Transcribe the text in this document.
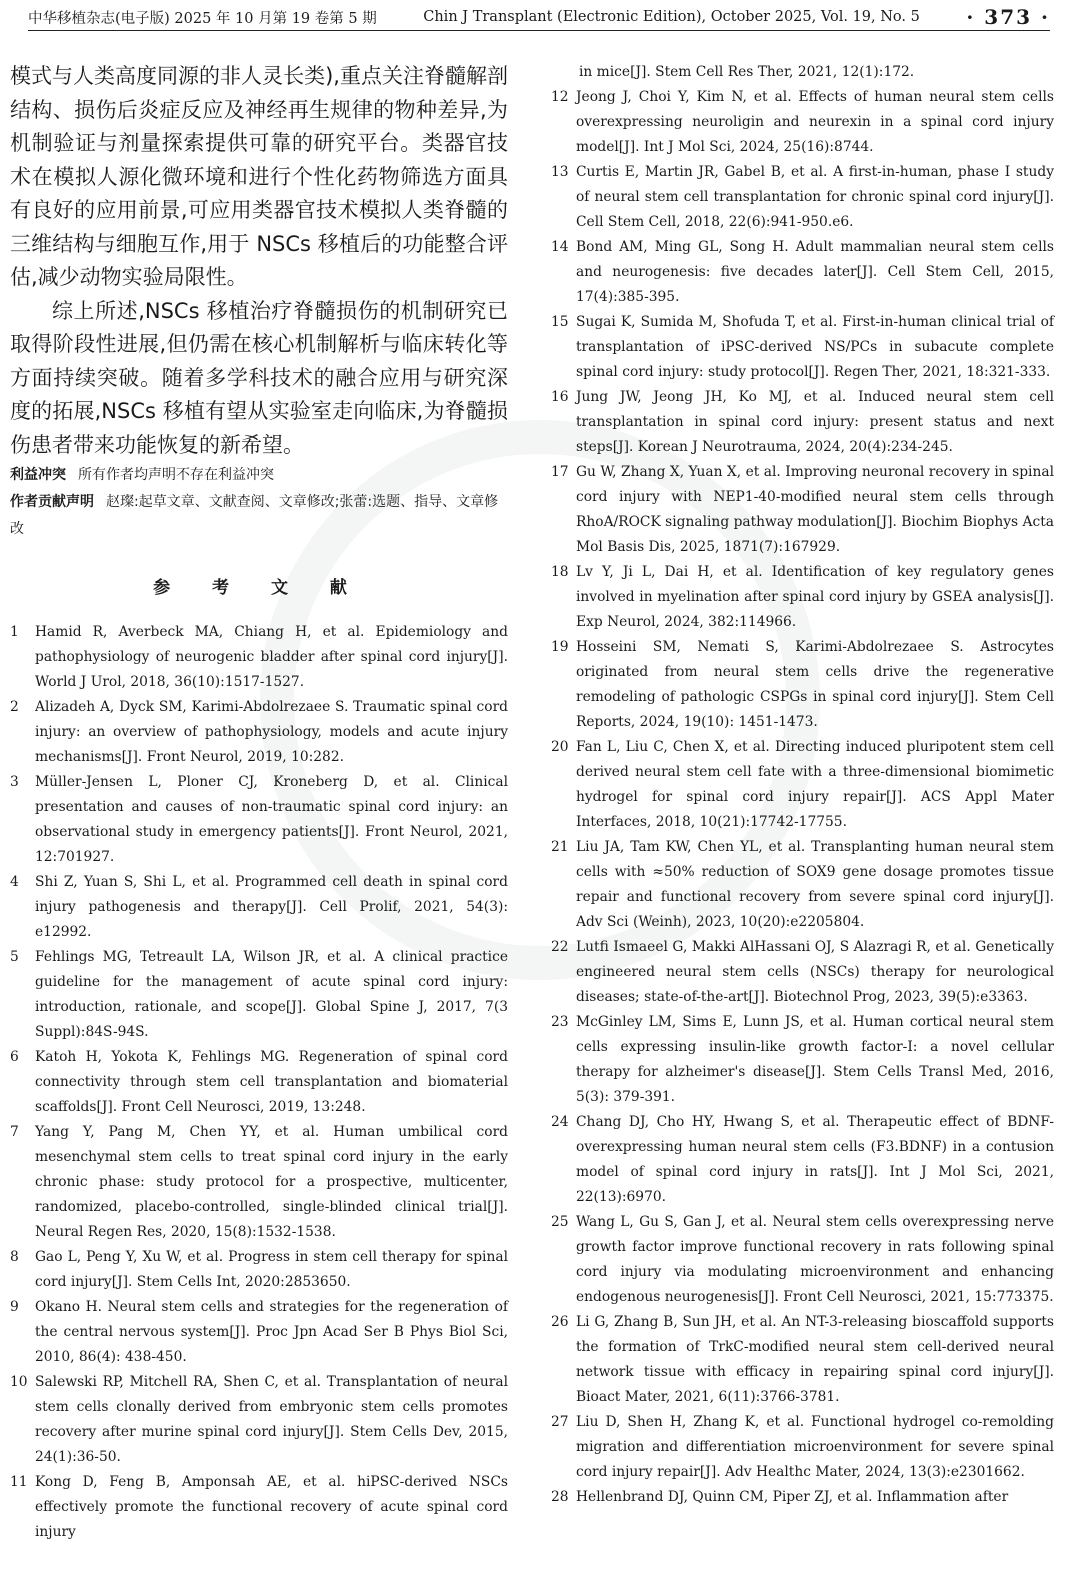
中华移植杂志(电子版) 2025 年 10 月第 19 卷第 5 期	Chin J Transplant (Electronic Edition), October 2025, Vol. 19, No. 5 · 373 ·

模式与人类高度同源的非人灵长类),重点关注脊髓解剖结构、损伤后炎症反应及神经再生规律的物种差异,为机制验证与剂量探索提供可靠的研究平台。类器官技术在模拟人源化微环境和进行个性化药物筛选方面具有良好的应用前景,可应用类器官技术模拟人类脊髓的三维结构与细胞互作,用于 NSCs 移植后的功能整合评估,减少动物实验局限性。

综上所述,NSCs 移植治疗脊髓损伤的机制研究已取得阶段性进展,但仍需在核心机制解析与临床转化等方面持续突破。随着多学科技术的融合应用与研究深度的拓展,NSCs 移植有望从实验室走向临床,为脊髓损伤患者带来功能恢复的新希望。

利益冲突 所有作者均声明不存在利益冲突

作者贡献声明 赵璨:起草文章、文献查阅、文章修改;张蕾:选题、指导、文章修改

参 考 文 献
1	Hamid R, Averbeck MA, Chiang H, et al. Epidemiology and pathophysiology of neurogenic bladder after spinal cord injury[J]. World J Urol, 2018, 36(10):1517-1527.
2	Alizadeh A, Dyck SM, Karimi-Abdolrezaee S. Traumatic spinal cord injury: an overview of pathophysiology, models and acute injury mechanisms[J]. Front Neurol, 2019, 10:282.
3	Müller-Jensen L, Ploner CJ, Kroneberg D, et al. Clinical presentation and causes of non-traumatic spinal cord injury: an observational study in emergency patients[J]. Front Neurol, 2021, 12:701927.
4	Shi Z, Yuan S, Shi L, et al. Programmed cell death in spinal cord injury pathogenesis and therapy[J]. Cell Prolif, 2021, 54(3): e12992.
5	Fehlings MG, Tetreault LA, Wilson JR, et al. A clinical practice guideline for the management of acute spinal cord injury: introduction, rationale, and scope[J]. Global Spine J, 2017, 7(3 Suppl):84S-94S.
6	Katoh H, Yokota K, Fehlings MG. Regeneration of spinal cord connectivity through stem cell transplantation and biomaterial scaffolds[J]. Front Cell Neurosci, 2019, 13:248.
7	Yang Y, Pang M, Chen YY, et al. Human umbilical cord mesenchymal stem cells to treat spinal cord injury in the early chronic phase: study protocol for a prospective, multicenter, randomized, placebo-controlled, single-blinded clinical trial[J]. Neural Regen Res, 2020, 15(8):1532-1538.
8	Gao L, Peng Y, Xu W, et al. Progress in stem cell therapy for spinal cord injury[J]. Stem Cells Int, 2020:2853650.
9	Okano H. Neural stem cells and strategies for the regeneration of the central nervous system[J]. Proc Jpn Acad Ser B Phys Biol Sci, 2010, 86(4): 438-450.
10 Salewski RP, Mitchell RA, Shen C, et al. Transplantation of neural stem cells clonally derived from embryonic stem cells promotes recovery after murine spinal cord injury[J]. Stem Cells Dev, 2015, 24(1):36-50.
11 Kong D, Feng B, Amponsah AE, et al. hiPSC-derived NSCs effectively promote the functional recovery of acute spinal cord injury
in mice[J]. Stem Cell Res Ther, 2021, 12(1):172.
12 Jeong J, Choi Y, Kim N, et al. Effects of human neural stem cells overexpressing neuroligin and neurexin in a spinal cord injury model[J]. Int J Mol Sci, 2024, 25(16):8744.
13 Curtis E, Martin JR, Gabel B, et al. A first-in-human, phase I study of neural stem cell transplantation for chronic spinal cord injury[J]. Cell Stem Cell, 2018, 22(6):941-950.e6.
14 Bond AM, Ming GL, Song H. Adult mammalian neural stem cells and neurogenesis: five decades later[J]. Cell Stem Cell, 2015, 17(4):385-395.
15 Sugai K, Sumida M, Shofuda T, et al. First-in-human clinical trial of transplantation of iPSC-derived NS/PCs in subacute complete spinal cord injury: study protocol[J]. Regen Ther, 2021, 18:321-333.
16 Jung JW, Jeong JH, Ko MJ, et al. Induced neural stem cell transplantation in spinal cord injury: present status and next steps[J]. Korean J Neurotrauma, 2024, 20(4):234-245.
17 Gu W, Zhang X, Yuan X, et al. Improving neuronal recovery in spinal cord injury with NEP1-40-modified neural stem cells through RhoA/ROCK signaling pathway modulation[J]. Biochim Biophys Acta Mol Basis Dis, 2025, 1871(7):167929.
18 Lv Y, Ji L, Dai H, et al. Identification of key regulatory genes involved in myelination after spinal cord injury by GSEA analysis[J]. Exp Neurol, 2024, 382:114966.
19 Hosseini SM, Nemati S, Karimi-Abdolrezaee S. Astrocytes originated from neural stem cells drive the regenerative remodeling of pathologic CSPGs in spinal cord injury[J]. Stem Cell Reports, 2024, 19(10): 1451-1473.
20 Fan L, Liu C, Chen X, et al. Directing induced pluripotent stem cell derived neural stem cell fate with a three-dimensional biomimetic hydrogel for spinal cord injury repair[J]. ACS Appl Mater Interfaces, 2018, 10(21):17742-17755.
21 Liu JA, Tam KW, Chen YL, et al. Transplanting human neural stem cells with ≈50% reduction of SOX9 gene dosage promotes tissue repair and functional recovery from severe spinal cord injury[J]. Adv Sci (Weinh), 2023, 10(20):e2205804.
22 Lutfi Ismaeel G, Makki AlHassani OJ, S Alazragi R, et al. Genetically engineered neural stem cells (NSCs) therapy for neurological diseases; state-of-the-art[J]. Biotechnol Prog, 2023, 39(5):e3363.
23 McGinley LM, Sims E, Lunn JS, et al. Human cortical neural stem cells expressing insulin-like growth factor-I: a novel cellular therapy for alzheimer's disease[J]. Stem Cells Transl Med, 2016, 5(3): 379-391.
24 Chang DJ, Cho HY, Hwang S, et al. Therapeutic effect of BDNF-overexpressing human neural stem cells (F3.BDNF) in a contusion model of spinal cord injury in rats[J]. Int J Mol Sci, 2021, 22(13):6970.
25 Wang L, Gu S, Gan J, et al. Neural stem cells overexpressing nerve growth factor improve functional recovery in rats following spinal cord injury via modulating microenvironment and enhancing endogenous neurogenesis[J]. Front Cell Neurosci, 2021, 15:773375.
26 Li G, Zhang B, Sun JH, et al. An NT-3-releasing bioscaffold supports the formation of TrkC-modified neural stem cell-derived neural network tissue with efficacy in repairing spinal cord injury[J]. Bioact Mater, 2021, 6(11):3766-3781.
27 Liu D, Shen H, Zhang K, et al. Functional hydrogel co-remolding migration and differentiation microenvironment for severe spinal cord injury repair[J]. Adv Healthc Mater, 2024, 13(3):e2301662.
28 Hellenbrand DJ, Quinn CM, Piper ZJ, et al. Inflammation after
